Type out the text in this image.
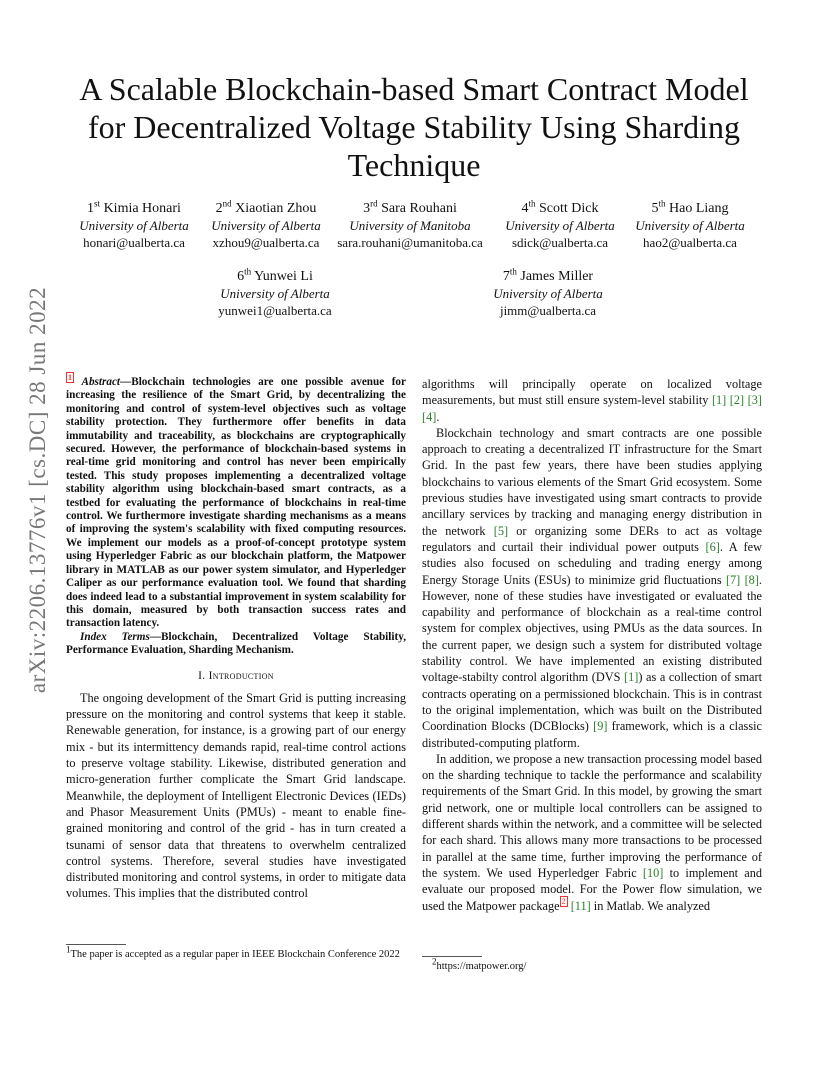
A Scalable Blockchain-based Smart Contract Model
for Decentralized Voltage Stability Using Sharding
Technique
1st Kimia Honari
University of Alberta
honari@ualberta.ca
2nd Xiaotian Zhou
University of Alberta
xzhou9@ualberta.ca
3rd Sara Rouhani
University of Manitoba
sara.rouhani@umanitoba.ca
4th Scott Dick
University of Alberta
sdick@ualberta.ca
5th Hao Liang
University of Alberta
hao2@ualberta.ca
6th Yunwei Li
University of Alberta
yunwei1@ualberta.ca
7th James Miller
University of Alberta
jimm@ualberta.ca
arXiv:2206.13776v1 [cs.DC] 28 Jun 2022 $^1$ Abstract—Blockchain technologies are one possible avenue for increasing the resilience of the Smart Grid, by decentralizing the monitoring and control of system-level objectives such as voltage stability protection. They furthermore offer benefits in data immutability and traceability, as blockchains are cryptographically secured. However, the performance of blockchain-based systems in real-time grid monitoring and control has never been empirically tested. This study proposes implementing a decentralized voltage stability algorithm using blockchain-based smart contracts, as a testbed for evaluating the performance of blockchains in real-time control. We furthermore investigate sharding mechanisms as a means of improving the system's scalability with fixed computing resources. We implement our models as a proof-of-concept prototype system using Hyperledger Fabric as our blockchain platform, the Matpower library in MATLAB as our power system simulator, and Hyperledger Caliper as our performance evaluation tool. We found that sharding does indeed lead to a substantial improvement in system scalability for this domain, measured by both transaction success rates and transaction latency.

Index Terms—Blockchain, Decentralized Voltage Stability, Performance Evaluation, Sharding Mechanism.

I. Introduction

The ongoing development of the Smart Grid is putting increasing pressure on the monitoring and control systems that keep it stable. Renewable generation, for instance, is a growing part of our energy mix - but its intermittency demands rapid, real-time control actions to preserve voltage stability. Likewise, distributed generation and micro-generation further complicate the Smart Grid landscape. Meanwhile, the deployment of Intelligent Electronic Devices (IEDs) and Phasor Measurement Units (PMUs) - meant to enable fine-grained monitoring and control of the grid - has in turn created a tsunami of sensor data that threatens to overwhelm centralized control systems. Therefore, several studies have investigated distributed monitoring and control systems, in order to mitigate data volumes. This implies that the distributed control

algorithms will principally operate on localized voltage measurements, but must still ensure system-level stability [1] [2] [3] [4].

Blockchain technology and smart contracts are one possible approach to creating a decentralized IT infrastructure for the Smart Grid. In the past few years, there have been studies applying blockchains to various elements of the Smart Grid ecosystem. Some previous studies have investigated using smart contracts to provide ancillary services by tracking and managing energy distribution in the network [5] or organizing some DERs to act as voltage regulators and curtail their individual power outputs [6]. A few studies also focused on scheduling and trading energy among Energy Storage Units (ESUs) to minimize grid fluctuations [7] [8]. However, none of these studies have investigated or evaluated the capability and performance of blockchain as a real-time control system for complex objectives, using PMUs as the data sources. In the current paper, we design such a system for distributed voltage stability control. We have implemented an existing distributed voltage-stabilty control algorithm (DVS [1]) as a collection of smart contracts operating on a permissioned blockchain. This is in contrast to the original implementation, which was built on the Distributed Coordination Blocks (DCBlocks) [9] framework, which is a classic distributed-computing platform.

In addition, we propose a new transaction processing model based on the sharding technique to tackle the performance and scalability requirements of the Smart Grid. In this model, by growing the smart grid network, one or multiple local controllers can be assigned to different shards within the network, and a committee will be selected for each shard. This allows many more transactions to be processed in parallel at the same time, further improving the performance of the system. We used Hyperledger Fabric [10] to implement and evaluate our proposed model. For the Power flow simulation, we used the Matpower package $^2$ [11] in Matlab. We analyzed

$^1$The paper is accepted as a regular paper in IEEE Blockchain Conference 2022
$^2$https://matpower.org/
